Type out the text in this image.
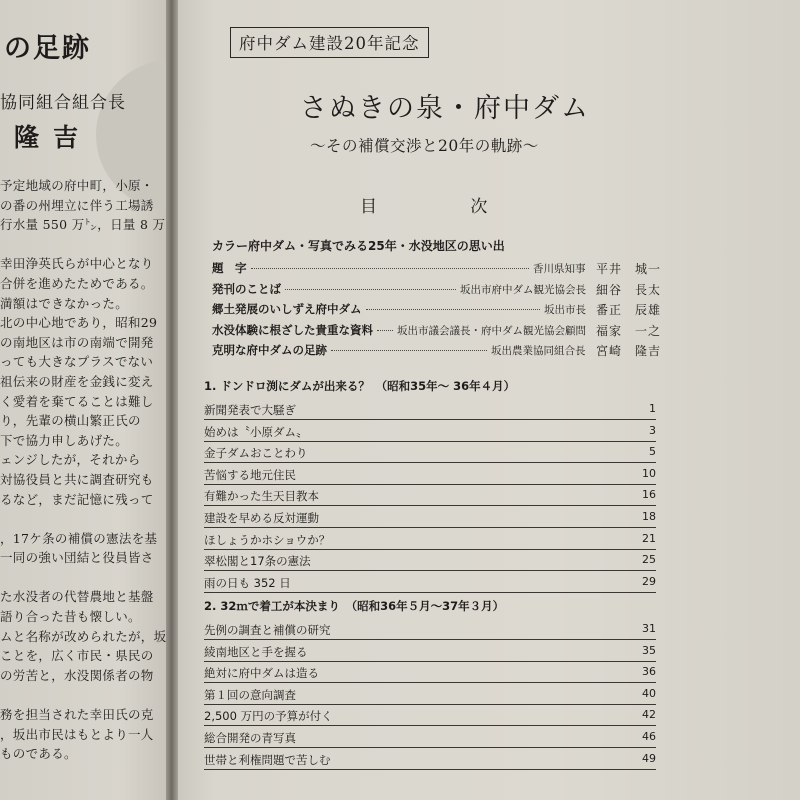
の足跡
協同組合組合長
隆吉
予定地域の府中町，小原・
の番の州埋立に伴う工場誘
行水量 550 万㌧，日量 8 万
幸田浄英氏らが中心となり
合併を進めたためである。
満額はできなかった。
北の中心地であり，昭和29
の南地区は市の南端で開発
っても大きなプラスでない
祖伝来の財産を金銭に変え
く愛着を棄てることは難し
り，先輩の横山繁正氏の
下で協力申しあげた。
ェンジしたが，それから
対協役員と共に調査研究も
るなど，まだ記憶に残って
，17ケ条の補償の憲法を基
一同の強い団結と役員皆さ
た水没者の代替農地と基盤
語り合った昔も懐しい。
ムと名称が改められたが，坂
ことを，広く市民・県民の
の労苦と，水没関係者の物
務を担当された幸田氏の克
，坂出市民はもとより一人
ものである。
府中ダム建設20年記念
さぬきの泉・府中ダム
〜その補償交渉と20年の軌跡〜
目 次
カラー府中ダム・写真でみる25年・水没地区の思い出
題　字	香川県知事 平井　城一
発刊のことば	坂出市府中ダム観光協会長 細谷　長太
郷土発展のいしずえ府中ダム	坂出市長 番正　辰雄
水没体験に根ざした貴重な資料 坂出市議会議長・府中ダム観光協会顧問 福家　一之
克明な府中ダムの足跡	坂出農業協同組合長 宮崎　隆吉
1. ドンドロ渕にダムが出来る？　（昭和35年〜 36年４月）
新聞発表で大騒ぎ	1
始めは〝小原ダム〟	3
金子ダムおことわり	5
苦悩する地元住民	10
有難かった生天目教本	16
建設を早める反対運動	18
ほしょうかホショウか？	21
翠松閣と17条の憲法	25
雨の日も 352 日	29
2. 32ｍで着工が本決まり　（昭和36年５月〜37年３月）
先例の調査と補償の研究	31
綾南地区と手を握る	35
絶対に府中ダムは造る	36
第１回の意向調査	40
2,500 万円の予算が付く	42
総合開発の青写真	46
世帯と利権問題で苦しむ	49
